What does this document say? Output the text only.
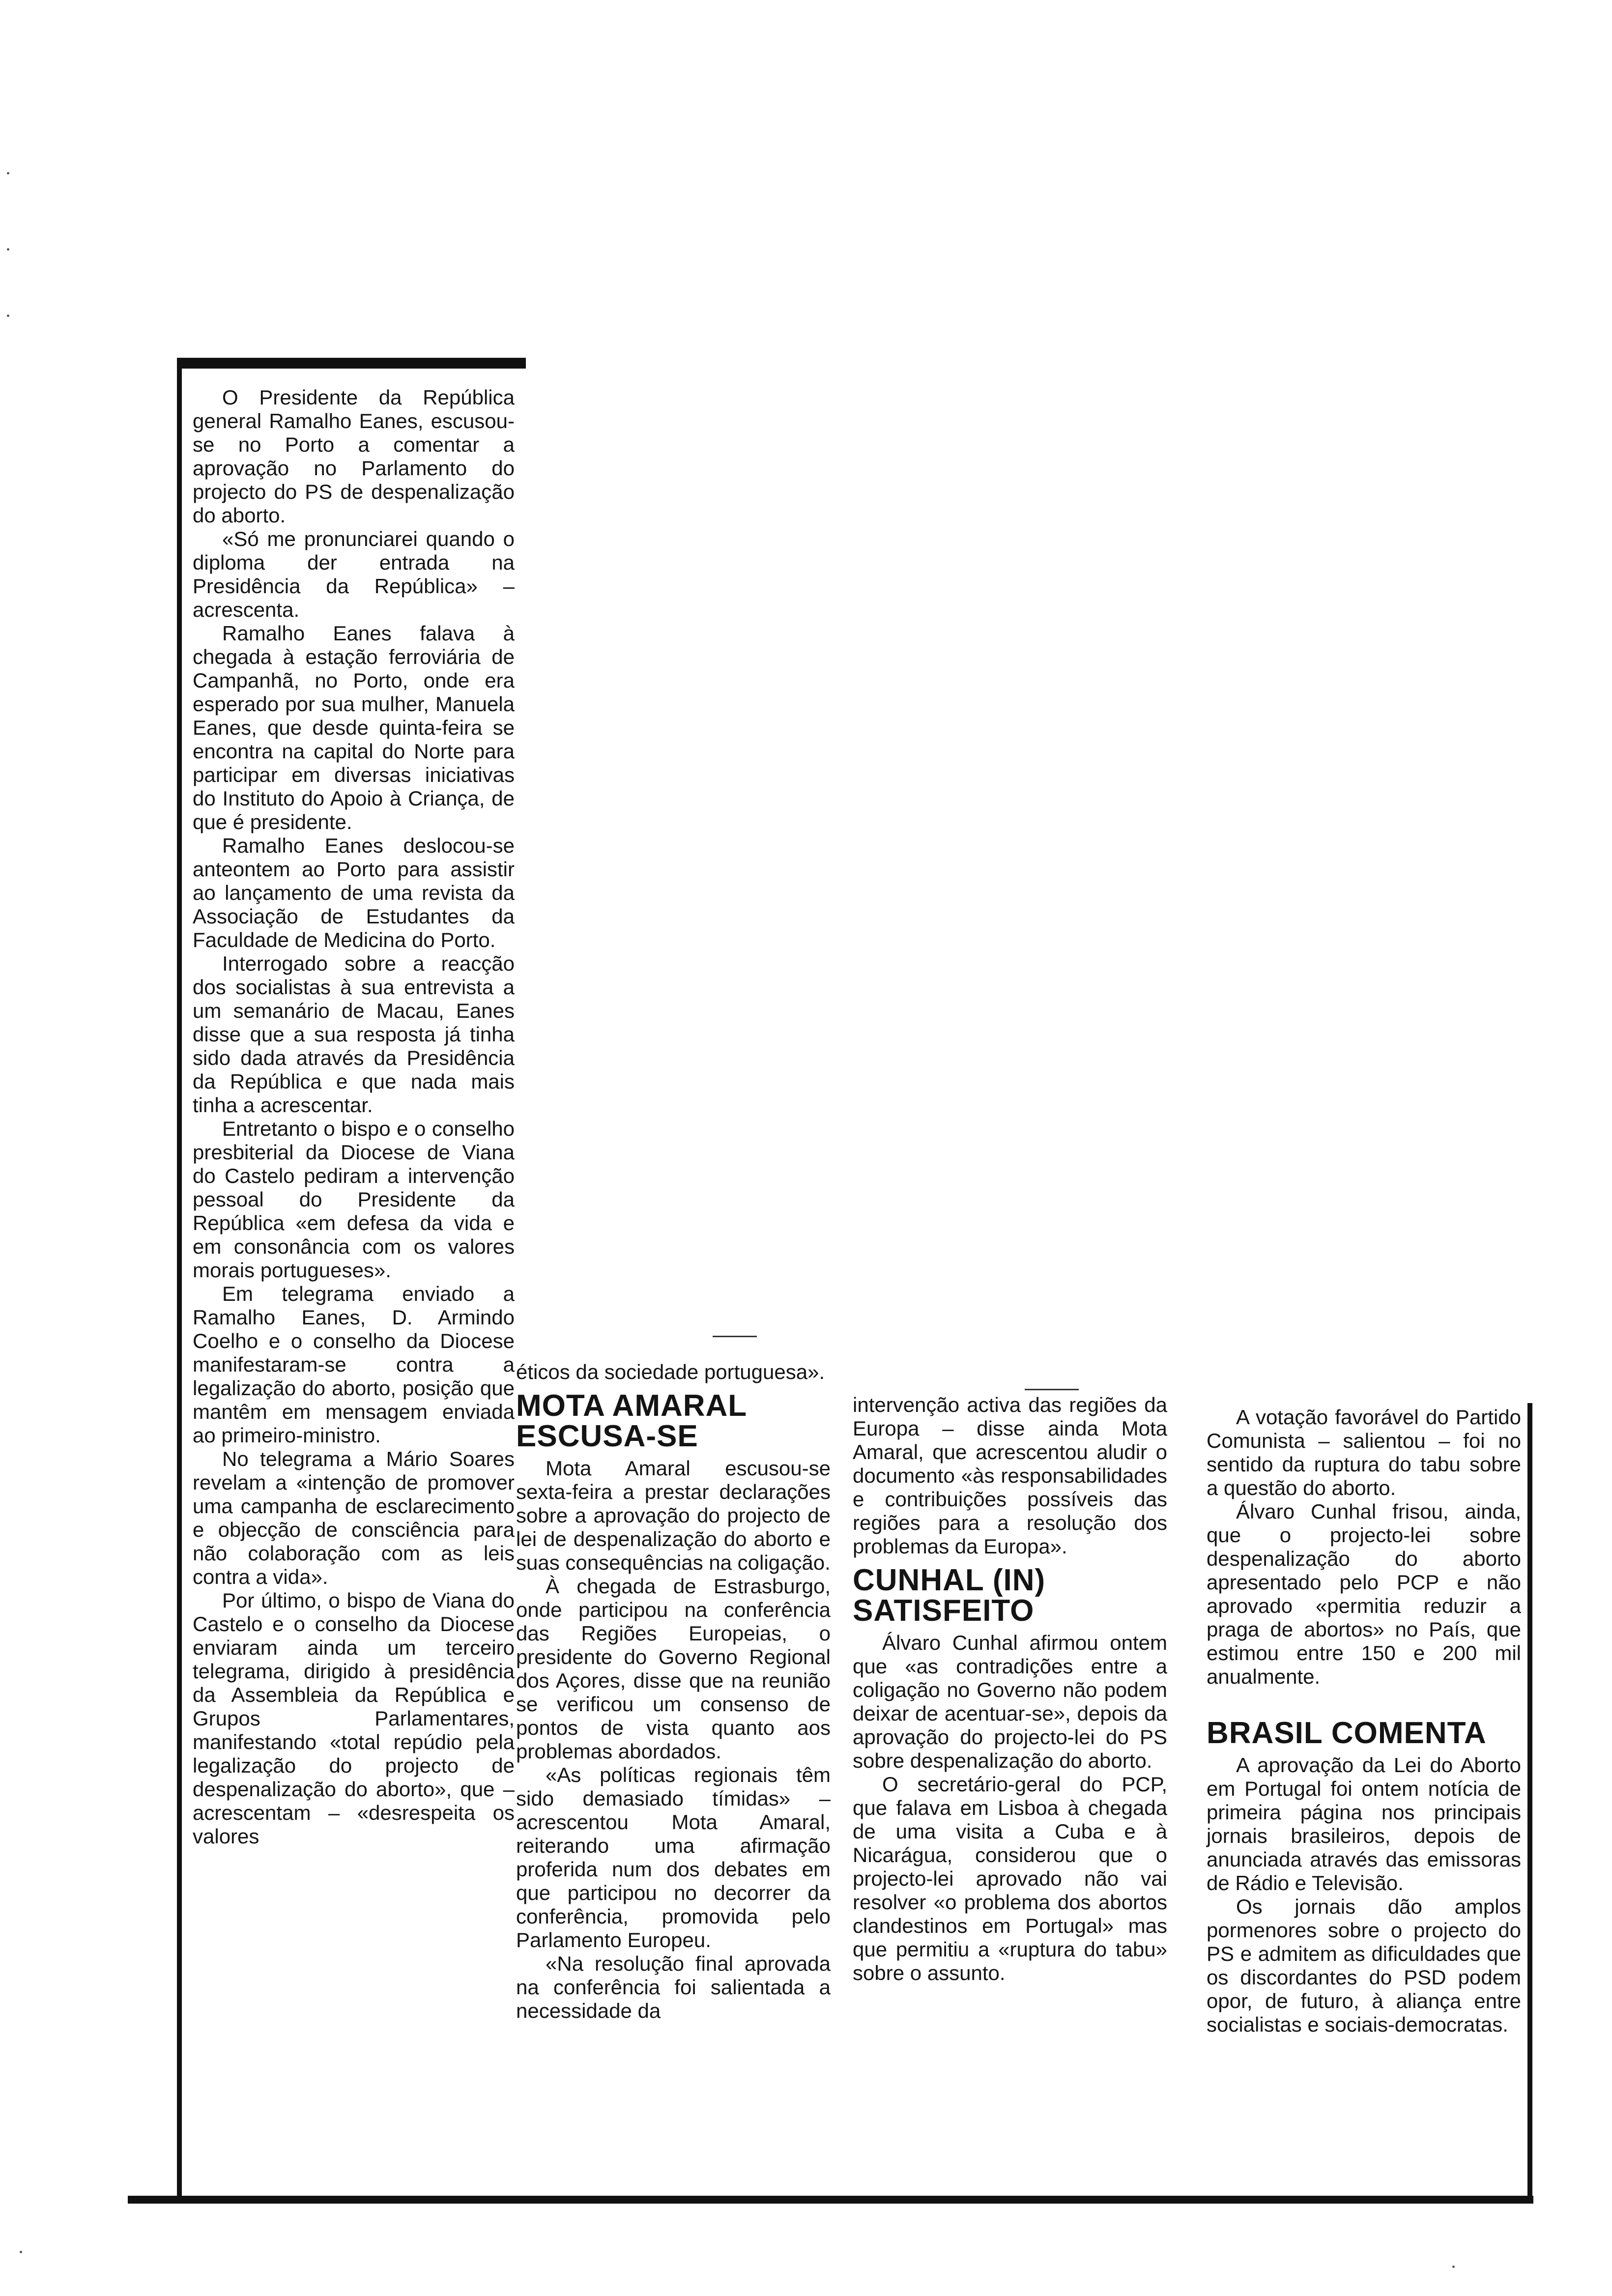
O Presidente da República general Ramalho Eanes, escusou-se no Porto a comentar a aprovação no Parlamento do projecto do PS de despenalização do aborto.

«Só me pronunciarei quando o diploma der entrada na Presidência da República» – acrescenta.

Ramalho Eanes falava à chegada à estação ferroviária de Campanhã, no Porto, onde era esperado por sua mulher, Manuela Eanes, que desde quinta-feira se encontra na capital do Norte para participar em diversas iniciativas do Instituto do Apoio à Criança, de que é presidente.

Ramalho Eanes deslocou-se anteontem ao Porto para assistir ao lançamento de uma revista da Associação de Estudantes da Faculdade de Medicina do Porto.

Interrogado sobre a reacção dos socialistas à sua entrevista a um semanário de Macau, Eanes disse que a sua resposta já tinha sido dada através da Presidência da República e que nada mais tinha a acrescentar.

Entretanto o bispo e o conselho presbiterial da Diocese de Viana do Castelo pediram a intervenção pessoal do Presidente da República «em defesa da vida e em consonância com os valores morais portugueses».

Em telegrama enviado a Ramalho Eanes, D. Armindo Coelho e o conselho da Diocese manifestaram-se contra a legalização do aborto, posição que mantêm em mensagem enviada ao primeiro-ministro.

No telegrama a Mário Soares revelam a «intenção de promover uma campanha de esclarecimento e objecção de consciência para não colaboração com as leis contra a vida».

Por último, o bispo de Viana do Castelo e o conselho da Diocese enviaram ainda um terceiro telegrama, dirigido à presidência da Assembleia da República e Grupos Parlamentares, manifestando «total repúdio pela legalização do projecto de despenalização do aborto», que – acrescentam – «desrespeita os valores

éticos da sociedade portuguesa».

MOTA AMARAL ESCUSA-SE

Mota Amaral escusou-se sexta-feira a prestar declarações sobre a aprovação do projecto de lei de despenalização do aborto e suas consequências na coligação.

À chegada de Estrasburgo, onde participou na conferência das Regiões Europeias, o presidente do Governo Regional dos Açores, disse que na reunião se verificou um consenso de pontos de vista quanto aos problemas abordados.

«As políticas regionais têm sido demasiado tímidas» – acrescentou Mota Amaral, reiterando uma afirmação proferida num dos debates em que participou no decorrer da conferência, promovida pelo Parlamento Europeu.

«Na resolução final aprovada na conferência foi salientada a necessidade da

intervenção activa das regiões da Europa – disse ainda Mota Amaral, que acrescentou aludir o documento «às responsabilidades e contribuições possíveis das regiões para a resolução dos problemas da Europa».

CUNHAL (IN) SATISFEITO

Álvaro Cunhal afirmou ontem que «as contradições entre a coligação no Governo não podem deixar de acentuar-se», depois da aprovação do projecto-lei do PS sobre despenalização do aborto.

O secretário-geral do PCP, que falava em Lisboa à chegada de uma visita a Cuba e à Nicarágua, considerou que o projecto-lei aprovado não vai resolver «o problema dos abortos clandestinos em Portugal» mas que permitiu a «ruptura do tabu» sobre o assunto.

A votação favorável do Partido Comunista – salientou – foi no sentido da ruptura do tabu sobre a questão do aborto.

Álvaro Cunhal frisou, ainda, que o projecto-lei sobre despenalização do aborto apresentado pelo PCP e não aprovado «permitia reduzir a praga de abortos» no País, que estimou entre 150 e 200 mil anualmente.

BRASIL COMENTA

A aprovação da Lei do Aborto em Portugal foi ontem notícia de primeira página nos principais jornais brasileiros, depois de anunciada através das emissoras de Rádio e Televisão.

Os jornais dão amplos pormenores sobre o projecto do PS e admitem as dificuldades que os discordantes do PSD podem opor, de futuro, à aliança entre socialistas e sociais-democratas.
